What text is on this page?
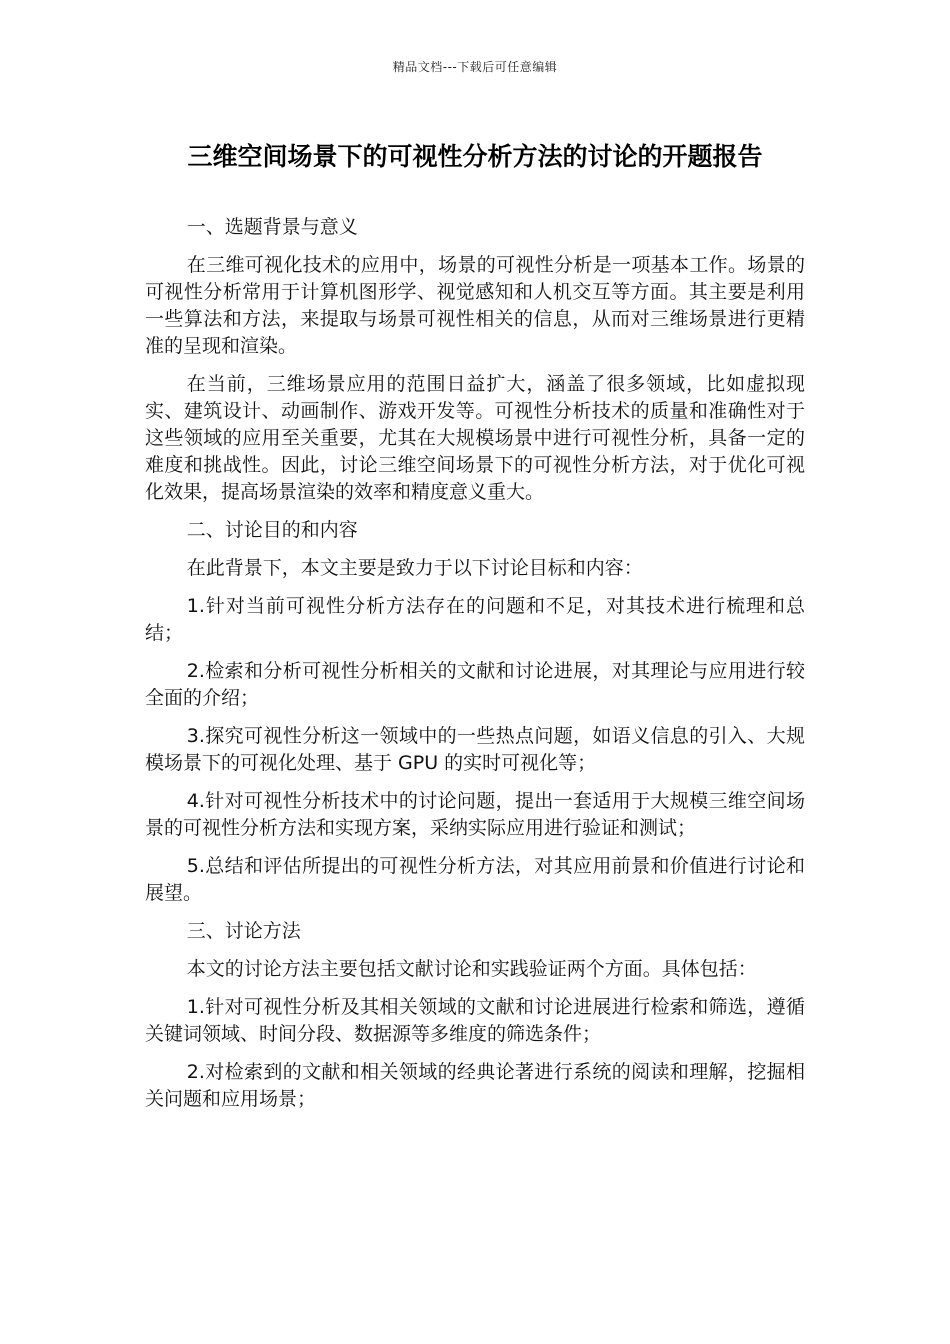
精品文档---下载后可任意编辑
三维空间场景下的可视性分析方法的讨论的开题报告

一、选题背景与意义

在三维可视化技术的应用中，场景的可视性分析是一项基本工作。场景的可视性分析常用于计算机图形学、视觉感知和人机交互等方面。其主要是利用一些算法和方法，来提取与场景可视性相关的信息，从而对三维场景进行更精准的呈现和渲染。

在当前，三维场景应用的范围日益扩大，涵盖了很多领域，比如虚拟现实、建筑设计、动画制作、游戏开发等。可视性分析技术的质量和准确性对于这些领域的应用至关重要，尤其在大规模场景中进行可视性分析，具备一定的难度和挑战性。因此，讨论三维空间场景下的可视性分析方法，对于优化可视化效果，提高场景渲染的效率和精度意义重大。

二、讨论目的和内容

在此背景下，本文主要是致力于以下讨论目标和内容：

1.针对当前可视性分析方法存在的问题和不足，对其技术进行梳理和总结；

2.检索和分析可视性分析相关的文献和讨论进展，对其理论与应用进行较全面的介绍；

3.探究可视性分析这一领域中的一些热点问题，如语义信息的引入、大规模场景下的可视化处理、基于 GPU 的实时可视化等；

4.针对可视性分析技术中的讨论问题，提出一套适用于大规模三维空间场景的可视性分析方法和实现方案，采纳实际应用进行验证和测试；

5.总结和评估所提出的可视性分析方法，对其应用前景和价值进行讨论和展望。

三、讨论方法

本文的讨论方法主要包括文献讨论和实践验证两个方面。具体包括：

1.针对可视性分析及其相关领域的文献和讨论进展进行检索和筛选，遵循关键词领域、时间分段、数据源等多维度的筛选条件；

2.对检索到的文献和相关领域的经典论著进行系统的阅读和理解，挖掘相关问题和应用场景；
